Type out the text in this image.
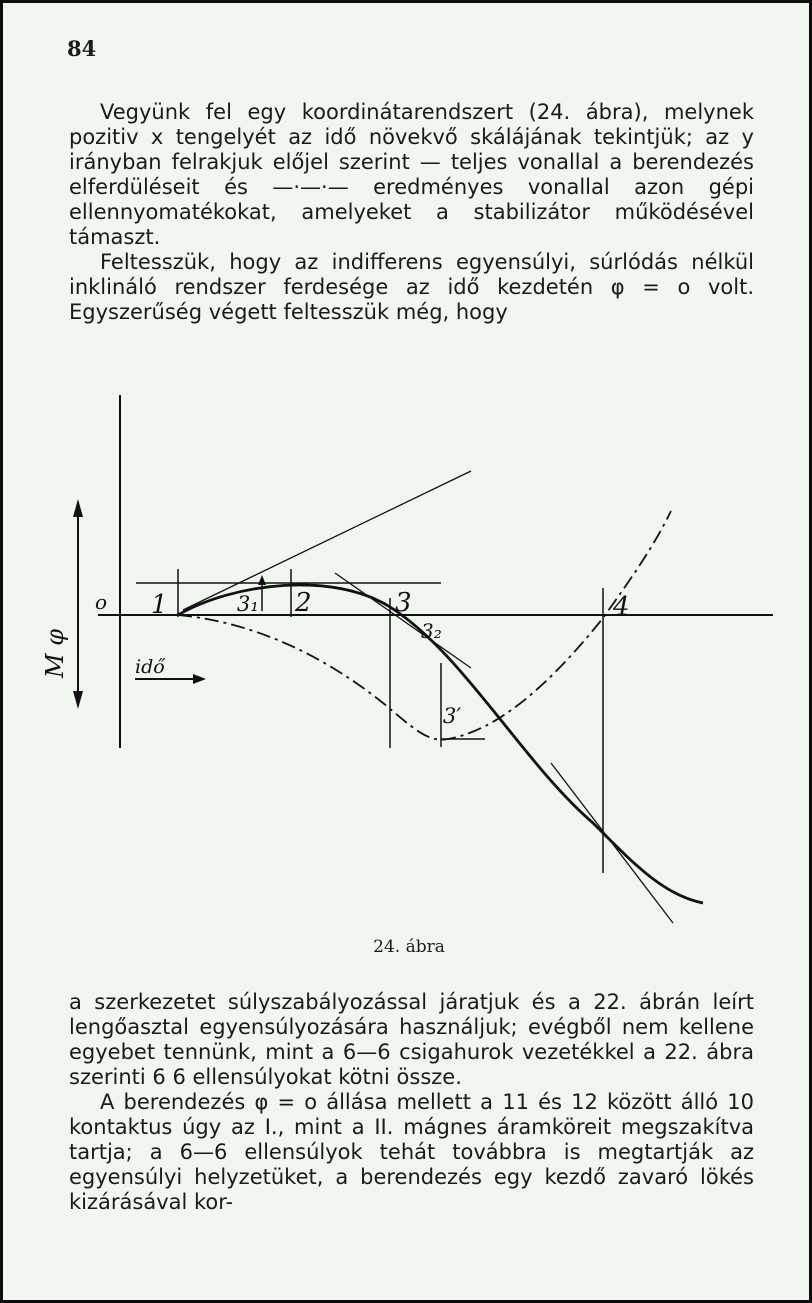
84

Vegyünk fel egy koordinátarendszert (24. ábra), melynek pozitiv x tengelyét az idő növekvő skálájának tekintjük; az y irányban felrakjuk előjel szerint — teljes vonallal a berendezés elferdüléseit és —·—·— eredményes vonallal azon gépi ellennyomatékokat, amelyeket a stabilizátor működésével támaszt.

Feltesszük, hogy az indifferens egyensúlyi, súrlódás nélkül inklináló rendszer ferdesége az idő kezdetén φ = o volt. Egyszerűség végett feltesszük még, hogy

o
M φ	idő
1	2	3	4
3₁
3₂
3′
24. ábra

a szerkezetet súlyszabályozással járatjuk és a 22. ábrán leírt lengőasztal egyensúlyozására használjuk; evégből nem kellene egyebet tennünk, mint a 6—6 csigahurok vezetékkel a 22. ábra szerinti 6 6 ellensúlyokat kötni össze.

A berendezés φ = o állása mellett a 11 és 12 között álló 10 kontaktus úgy az I., mint a II. mágnes áramköreit megszakítva tartja; a 6—6 ellensúlyok tehát továbbra is megtartják az egyensúlyi helyzetüket, a berendezés egy kezdő zavaró lökés kizárásával kor-
